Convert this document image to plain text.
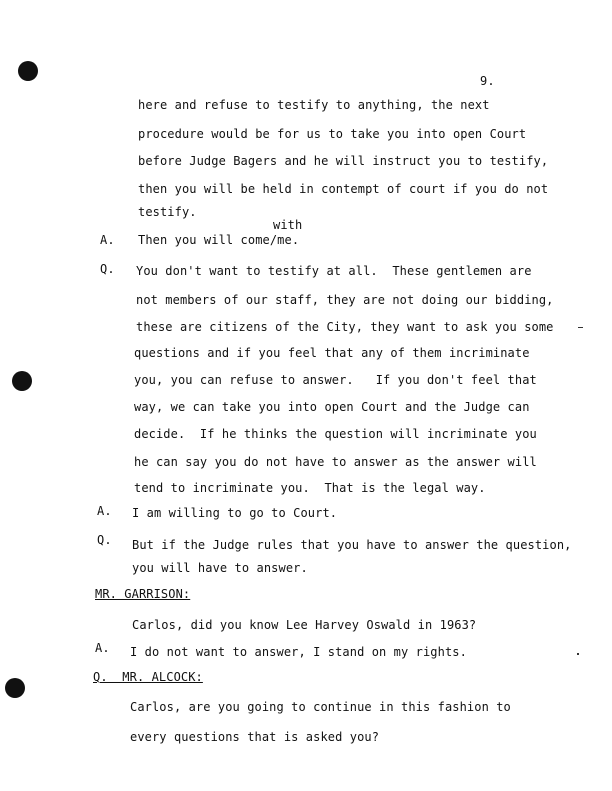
9.
here and refuse to testify to anything, the next
procedure would be for us to take you into open Court
before Judge Bagers and he will instruct you to testify,
then you will be held in contempt of court if you do not
testify.
with
A. Then you will come/me.
Q. You don't want to testify at all.  These gentlemen are
not members of our staff, they are not doing our bidding,
these are citizens of the City, they want to ask you some
questions and if you feel that any of them incriminate
you, you can refuse to answer.   If you don't feel that
way, we can take you into open Court and the Judge can
decide.  If he thinks the question will incriminate you
he can say you do not have to answer as the answer will
tend to incriminate you.  That is the legal way.
A. I am willing to go to Court.
Q. But if the Judge rules that you have to answer the question,
you will have to answer.
MR. GARRISON:
Carlos, did you know Lee Harvey Oswald in 1963?
A. I do not want to answer, I stand on my rights.
Q.  MR. ALCOCK:
Carlos, are you going to continue in this fashion to
every questions that is asked you?
